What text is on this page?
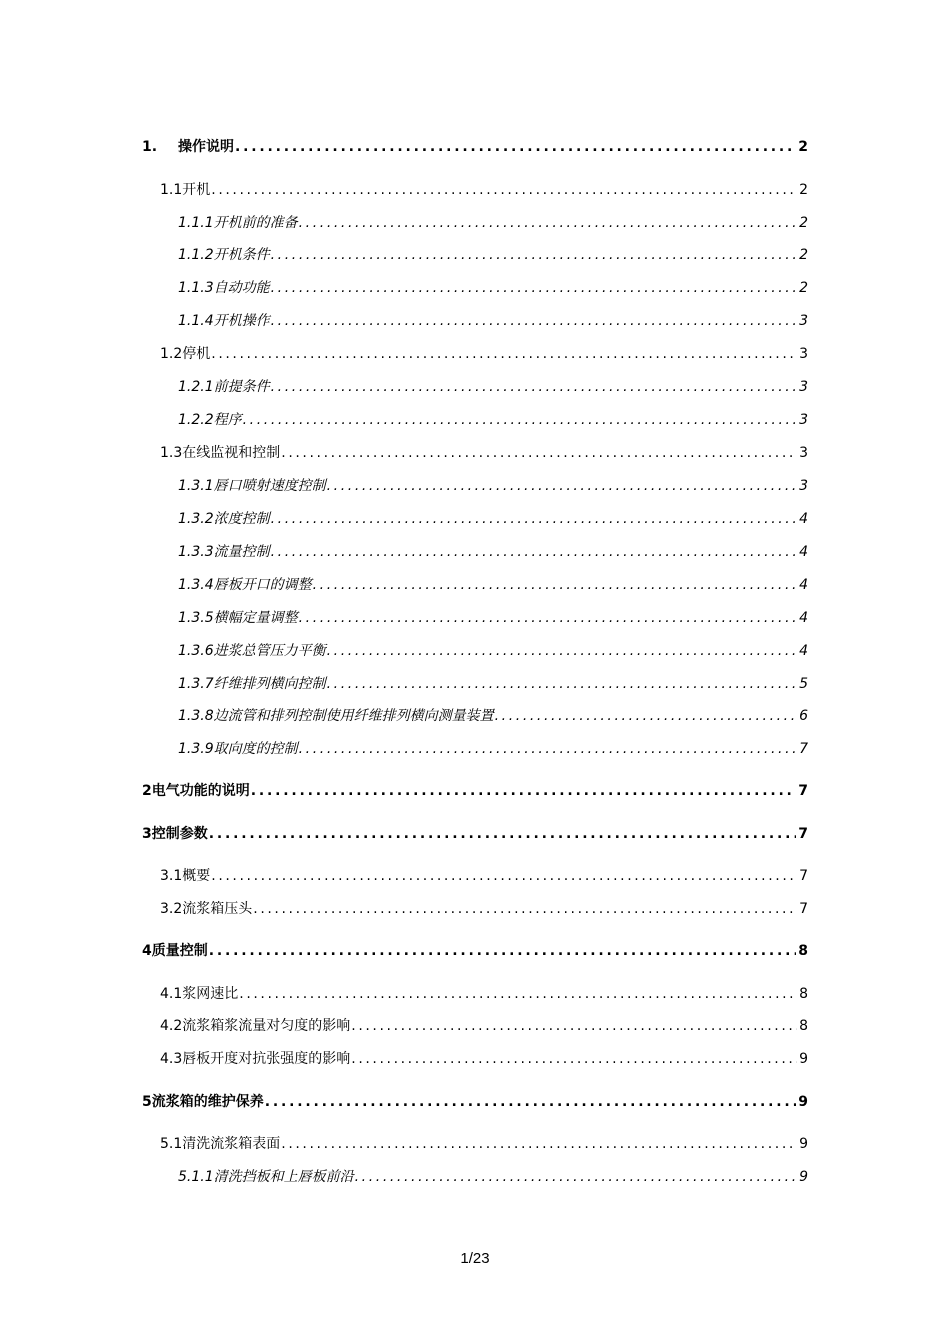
1.	操作说明 .....	2
1.1开机 .....	2
1.1.1开机前的准备 .....	2
1.1.2开机条件 .....	2
1.1.3自动功能 .....	2
1.1.4开机操作 .....	3
1.2停机 .....	3
1.2.1前提条件 .....	3
1.2.2程序 .....	3
1.3在线监视和控制 .....	3
1.3.1唇口喷射速度控制 .....	3
1.3.2浓度控制 .....	4
1.3.3流量控制 .....	4
1.3.4唇板开口的调整 .....	4
1.3.5横幅定量调整 .....	4
1.3.6进浆总管压力平衡 .....	4
1.3.7纤维排列横向控制 .....	5
1.3.8边流管和排列控制使用纤维排列横向测量装置 .....	6
1.3.9取向度的控制 .....	7
2电气功能的说明 .....	7
3控制参数 .....	7
3.1概要 .....	7
3.2流浆箱压头 .....	7
4质量控制 .....	8
4.1浆网速比 .....	8
4.2流浆箱浆流量对匀度的影响 .....	8
4.3唇板开度对抗张强度的影响 .....	9
5流浆箱的维护保养 .....	9
5.1清洗流浆箱表面 .....	9
5.1.1清洗挡板和上唇板前沿 .....	9
1/23
